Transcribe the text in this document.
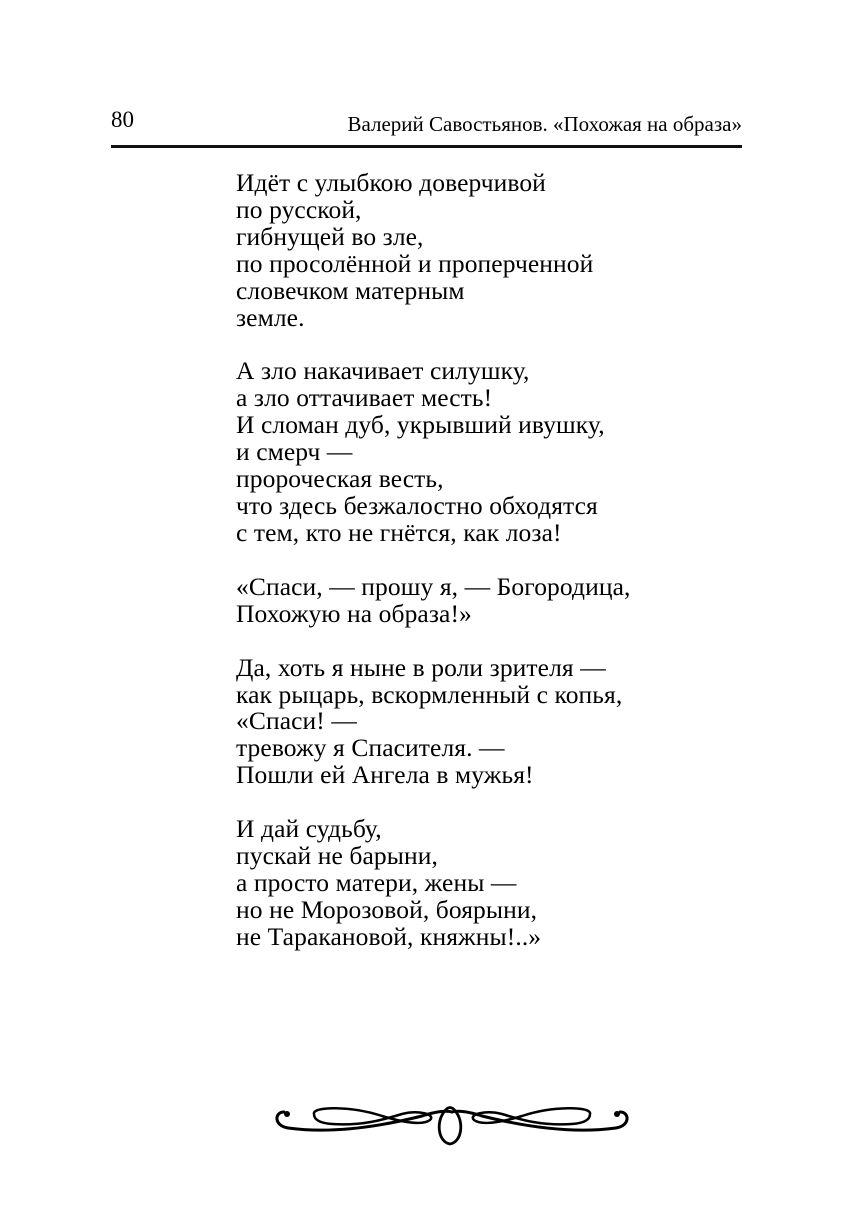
80	Валерий Савостьянов. «Похожая на образа»
Идёт с улыбкою доверчивой
по русской,
гибнущей во зле,
по просолённой и проперченной
словечком матерным
земле.
А зло накачивает силушку,
а зло оттачивает месть!
И сломан дуб, укрывший ивушку,
и смерч —
пророческая весть,
что здесь безжалостно обходятся
с тем, кто не гнётся, как лоза!
«Спаси, — прошу я, — Богородица,
Похожую на образа!»
Да, хоть я ныне в роли зрителя —
как рыцарь, вскормленный с копья,
«Спаси! —
тревожу я Спасителя. —
Пошли ей Ангела в мужья!
И дай судьбу,
пускай не барыни,
а просто матери, жены —
но не Морозовой, боярыни,
не Таракановой, княжны!..»
